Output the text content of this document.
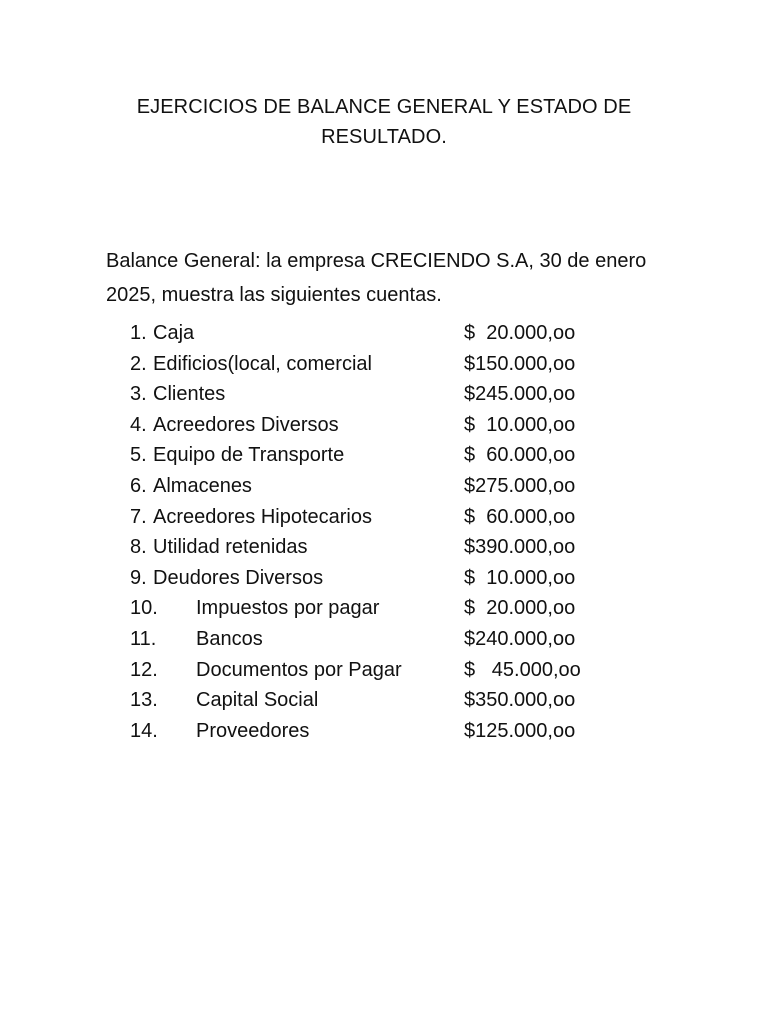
EJERCICIOS DE BALANCE GENERAL Y ESTADO DE
RESULTADO.
Balance General: la empresa CRECIENDO S.A, 30 de enero
2025, muestra las siguientes cuentas.
1. Caja	$  20.000,oo
2. Edificios(local, comercial	$150.000,oo
3. Clientes	$245.000,oo
4. Acreedores Diversos	$  10.000,oo
5. Equipo de Transporte	$  60.000,oo
6. Almacenes	$275.000,oo
7. Acreedores Hipotecarios	$  60.000,oo
8. Utilidad retenidas	$390.000,oo
9. Deudores Diversos	$  10.000,oo
10. Impuestos por pagar	$  20.000,oo
11. Bancos	$240.000,oo
12. Documentos por Pagar	$   45.000,oo
13. Capital Social	$350.000,oo
14. Proveedores	$125.000,oo
